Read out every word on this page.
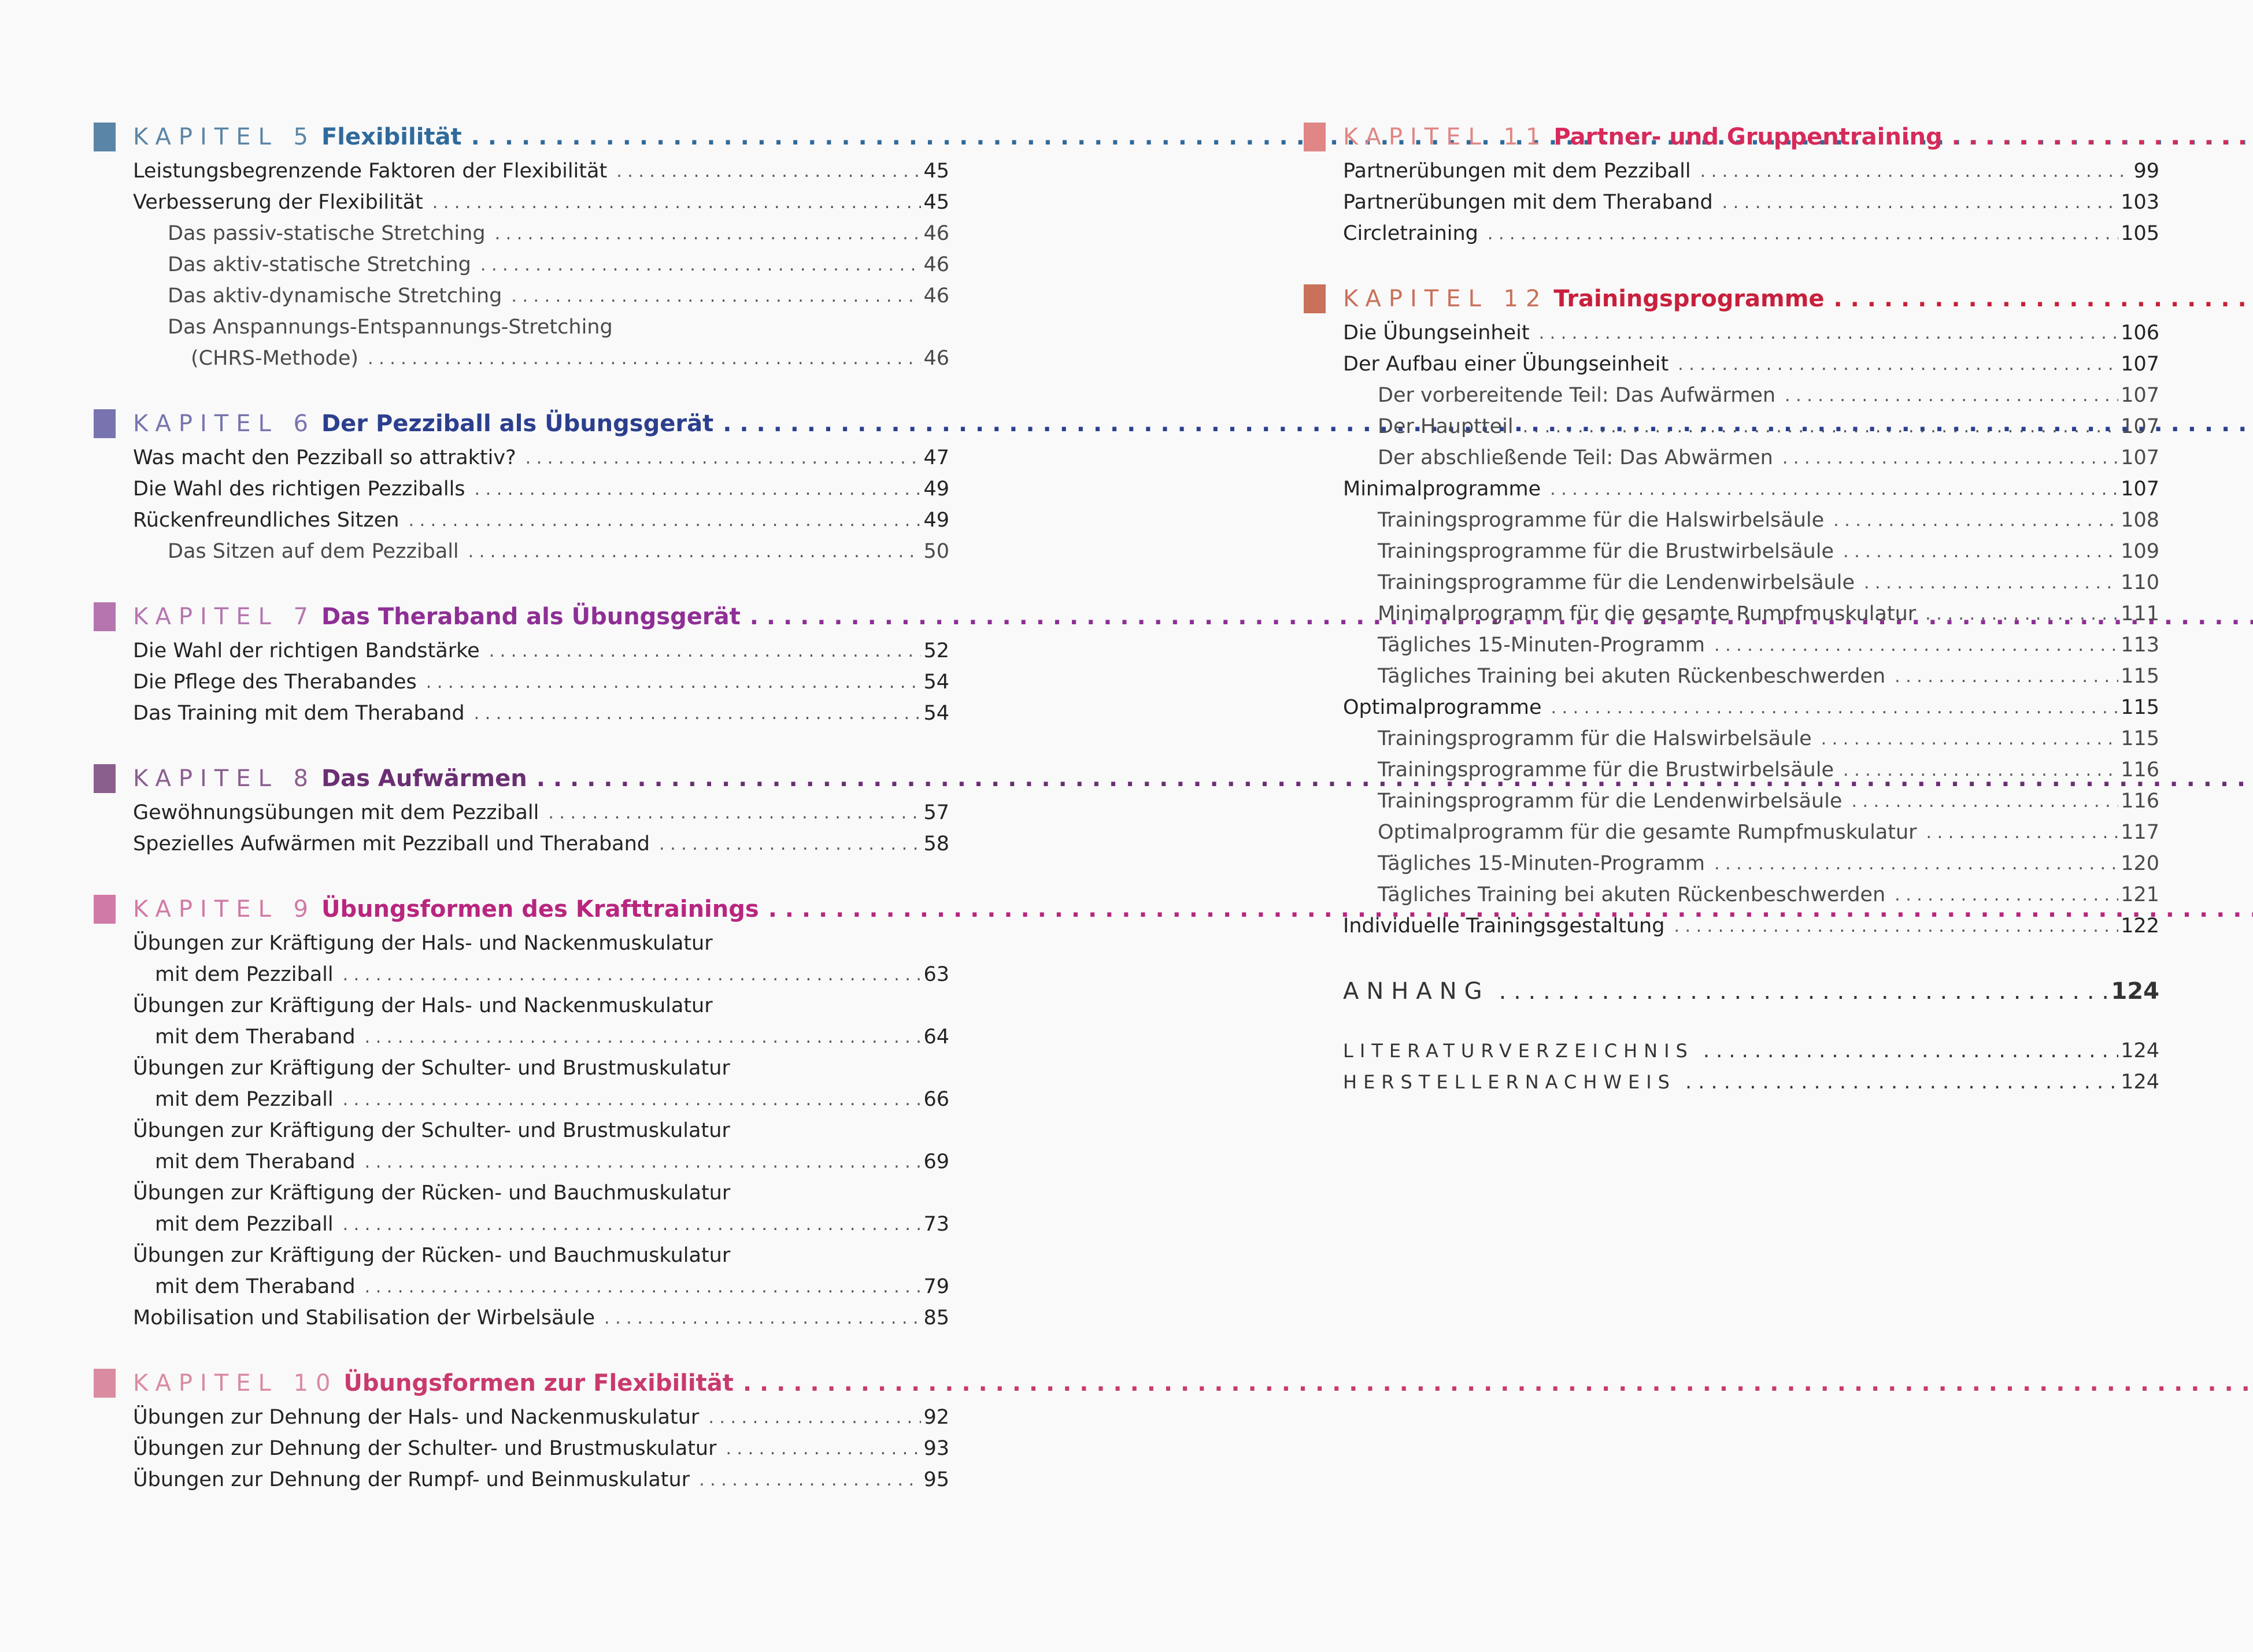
KAPITEL 5 Flexibilität
. . .
Leistungsbegrenzende Faktoren der Flexibilität . . .	45
Verbesserung der Flexibilität . . .	45
Das passiv-statische Stretching . . .	46
Das aktiv-statische Stretching . . .	46
Das aktiv-dynamische Stretching . . .	46
Das Anspannungs-Entspannungs-Stretching
(CHRS-Methode) . . .	46
KAPITEL 6 Der Pezziball als Übungsgerät
. . .
Was macht den Pezziball so attraktiv? . . .	47
Die Wahl des richtigen Pezziballs . . .	49
Rückenfreundliches Sitzen . . .	49
Das Sitzen auf dem Pezziball . . .	50
KAPITEL 7 Das Theraband als Übungsgerät
. . .
Die Wahl der richtigen Bandstärke . . .	52
Die Pflege des Therabandes . . .	54
Das Training mit dem Theraband . . .	54
KAPITEL 8 Das Aufwärmen
. . .
Gewöhnungsübungen mit dem Pezziball . . .	57
Spezielles Aufwärmen mit Pezziball und Theraband . . .	58
KAPITEL 9 Übungsformen des Krafttrainings
. . .
Übungen zur Kräftigung der Hals- und Nackenmuskulatur
mit dem Pezziball . . .	63
Übungen zur Kräftigung der Hals- und Nackenmuskulatur
mit dem Theraband . . .	64
Übungen zur Kräftigung der Schulter- und Brustmuskulatur
mit dem Pezziball . . .	66
Übungen zur Kräftigung der Schulter- und Brustmuskulatur
mit dem Theraband . . .	69
Übungen zur Kräftigung der Rücken- und Bauchmuskulatur
mit dem Pezziball . . .	73
Übungen zur Kräftigung der Rücken- und Bauchmuskulatur
mit dem Theraband . . .	79
Mobilisation und Stabilisation der Wirbelsäule . . .	85
KAPITEL 10 Übungsformen zur Flexibilität
. . .
Übungen zur Dehnung der Hals- und Nackenmuskulatur . . .	92
Übungen zur Dehnung der Schulter- und Brustmuskulatur . . .	93
Übungen zur Dehnung der Rumpf- und Beinmuskulatur . . .	95
KAPITEL 11 Partner- und Gruppentraining
. . .
Partnerübungen mit dem Pezziball . . .	99
Partnerübungen mit dem Theraband . . .	103
Circletraining . . .	105
KAPITEL 12 Trainingsprogramme
. . .
Die Übungseinheit . . .	106
Der Aufbau einer Übungseinheit . . .	107
Der vorbereitende Teil: Das Aufwärmen . . .	107
Der Hauptteil . . .	107
Der abschließende Teil: Das Abwärmen . . .	107
Minimalprogramme . . .	107
Trainingsprogramme für die Halswirbelsäule . . .	108
Trainingsprogramme für die Brustwirbelsäule . . .	109
Trainingsprogramme für die Lendenwirbelsäule . . .	110
Minimalprogramm für die gesamte Rumpfmuskulatur . . .	111
Tägliches 15-Minuten-Programm . . .	113
Tägliches Training bei akuten Rückenbeschwerden . . .	115
Optimalprogramme . . .	115
Trainingsprogramm für die Halswirbelsäule . . .	115
Trainingsprogramme für die Brustwirbelsäule . . .	116
Trainingsprogramm für die Lendenwirbelsäule . . .	116
Optimalprogramm für die gesamte Rumpfmuskulatur . . .	117
Tägliches 15-Minuten-Programm . . .	120
Tägliches Training bei akuten Rückenbeschwerden . . .	121
Individuelle Trainingsgestaltung . . .	122
ANHANG . . .	124
LITERATURVERZEICHNIS . . .	124
HERSTELLERNACHWEIS . . .	124
